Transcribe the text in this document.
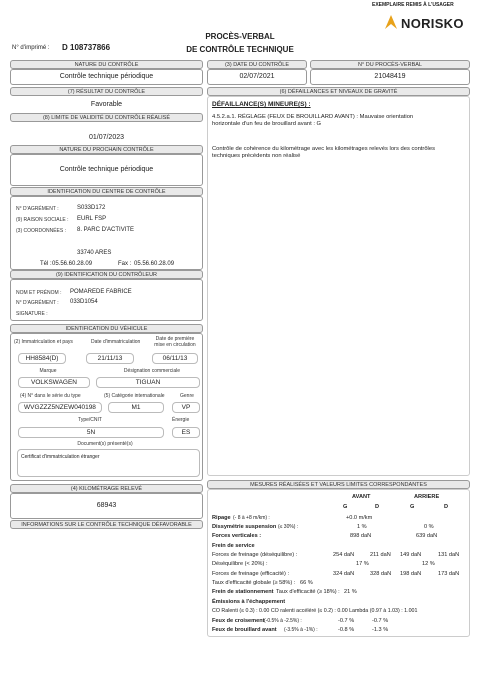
EXEMPLAIRE REMIS À L'USAGER
NORISKO
PROCÈS-VERBAL
DE CONTRÔLE TECHNIQUE
N° d'imprimé : D 108737866
NATURE DU CONTRÔLE
Contrôle technique périodique
(3) DATE DU CONTRÔLE
02/07/2021
N° DU PROCÈS-VERBAL
21048419
(7) RÉSULTAT DU CONTRÔLE
Favorable
(8) LIMITE DE VALIDITÉ DU CONTRÔLE RÉALISÉ
01/07/2023
NATURE DU PROCHAIN CONTRÔLE
Contrôle technique périodique
(6) DÉFAILLANCES ET NIVEAUX DE GRAVITÉ
DÉFAILLANCE(S) MINEURE(S) :
4.5.2.a.1. RÉGLAGE (FEUX DE BROUILLARD AVANT) : Mauvaise orientation
horizontale d'un feu de brouillard avant : G
Contrôle de cohérence du kilométrage avec les kilométrages relevés lors des contrôles
techniques précédents non réalisé
IDENTIFICATION DU CENTRE DE CONTRÔLE
N° D'AGRÉMENT :	S033D172
(9) RAISON SOCIALE : EURL FSP
(3) COORDONNÉES : 8. PARC D'ACTIVITE
33740 ARES
Tél : 05.56.60.28.09	Fax : 05.56.60.28.09
(9) IDENTIFICATION DU CONTRÔLEUR
NOM ET PRÉNOM : POMAREDE FABRICE
N° D'AGRÉMENT : 033D1054
SIGNATURE :
IDENTIFICATION DU VÉHICULE
(2) Immatriculation et pays	Date d'immatriculation	Date de première mise en circulation
HH8584(D)	21/11/13	06/11/13
Marque	Désignation commerciale
VOLKSWAGEN	TIGUAN
(4) N° dans le série du type	(5) Catégorie internationale	Genre
WVGZZZ5NZEW040198	M1	VP
Type/CNIT	Énergie
5N	ES
Document(s) présenté(s)
Certificat d'immatriculation étranger
(4) KILOMÉTRAGE RELEVÉ
68943
INFORMATIONS SUR LE CONTRÔLE TECHNIQUE DÉFAVORABLE
MESURES RÉALISÉES ET VALEURS LIMITES CORRESPONDANTES
AVANT	ARRIERE
G	D	G	D
Ripage (- 8 à +8 m/km) :	+0.0 m/km
Dissymétrie suspension (≤ 30%) :	1 %	0 %
Forces verticales :	898 daN	639 daN
Frein de service
Forces de freinage (déséquilibre) :	254 daN	211 daN 149 daN	131 daN
Déséquilibre (< 20%) :	17 %	12 %
Forces de freinage (efficacité) :	324 daN	328 daN 198 daN	173 daN
Taux d'efficacité globale (≥ 58%) : 66 %
Frein de stationnement Taux d'efficacité (≥ 18%) : 21 %
Émissions à l'échappement
CO Ralenti (≤ 0.3) : 0.00 CO ralenti accéléré (≤ 0.2) : 0.00 Lambda (0.97 à 1.03) : 1.001
Feux de croisement (-0.5% à -2.5%) :	-0.7 %	-0.7 %
Feux de brouillard avant (-3.5% à -1%) :	-0.8 %	-1.3 %
